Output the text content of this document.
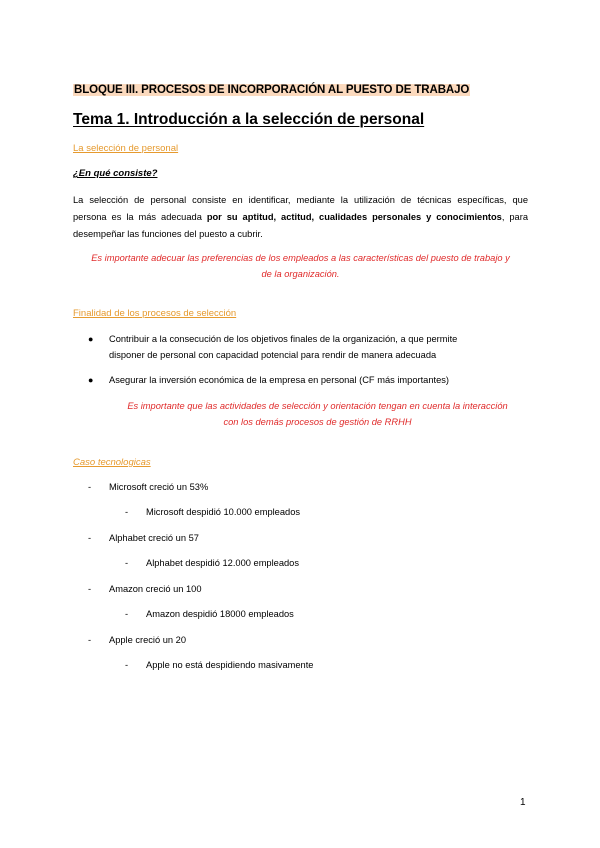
BLOQUE III. PROCESOS DE INCORPORACIÓN AL PUESTO DE TRABAJO
Tema 1. Introducción a la selección de personal
La selección de personal
¿En qué consiste?
La selección de personal consiste en identificar, mediante la utilización de técnicas específicas, que
persona es la más adecuada por su aptitud, actitud, cualidades personales y conocimientos, para
desempeñar las funciones del puesto a cubrir.
Es importante adecuar las preferencias de los empleados a las características del puesto de trabajo y
de la organización.
Finalidad de los procesos de selección
● Contribuir a la consecución de los objetivos finales de la organización, a que permite
disponer de personal con capacidad potencial para rendir de manera adecuada
● Asegurar la inversión económica de la empresa en personal (CF más importantes)
Es importante que las actividades de selección y orientación tengan en cuenta la interacción
con los demás procesos de gestión de RRHH
Caso tecnologicas
- Microsoft creció un 53%
- Microsoft despidió 10.000 empleados
- Alphabet creció un 57
- Alphabet despidió 12.000 empleados
- Amazon creció un 100
- Amazon despidió 18000 empleados
- Apple creció un 20
- Apple no está despidiendo masivamente
1
